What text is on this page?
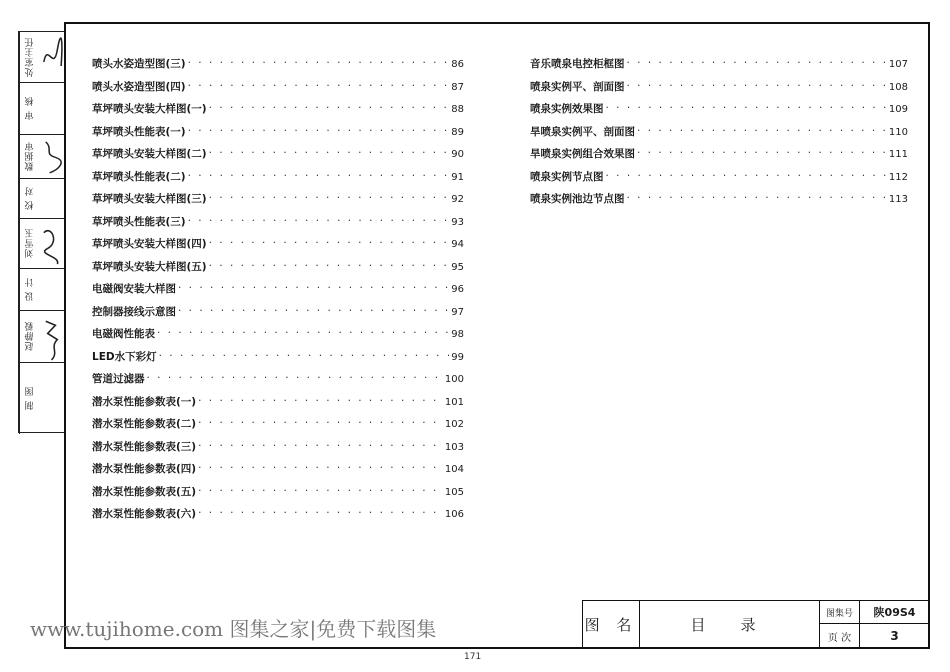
处室主任
审 核
数据审
校 对
刘雪玉
设 计
赵静毅
制 图
喷头水姿造型图(三) · · ·	86
喷头水姿造型图(四) · · ·	87
草坪喷头安装大样图(一) · · ·	88
草坪喷头性能表(一) · · ·	89
草坪喷头安装大样图(二) · · ·	90
草坪喷头性能表(二) · · ·	91
草坪喷头安装大样图(三) · · ·	92
草坪喷头性能表(三) · · ·	93
草坪喷头安装大样图(四) · · ·	94
草坪喷头安装大样图(五) · · ·	95
电磁阀安装大样图 · · ·	96
控制器接线示意图 · · ·	97
电磁阀性能表 · · ·	98
LED水下彩灯 · · ·	99
管道过滤器 · · ·	100
潜水泵性能参数表(一) · · ·	101
潜水泵性能参数表(二) · · ·	102
潜水泵性能参数表(三) · · ·	103
潜水泵性能参数表(四) · · ·	104
潜水泵性能参数表(五) · · ·	105
潜水泵性能参数表(六) · · ·	106
音乐喷泉电控柜框图 · · ·	107
喷泉实例平、剖面图 · · ·	108
喷泉实例效果图 · · ·	109
旱喷泉实例平、剖面图 · · ·	110
旱喷泉实例组合效果图 · · ·	111
喷泉实例节点图 · · ·	112
喷泉实例池边节点图 · · ·	113
图 名	目	录
图集号	陕09S4
页 次	3
www.tujihome.com 图集之家|免费下载图集
171
